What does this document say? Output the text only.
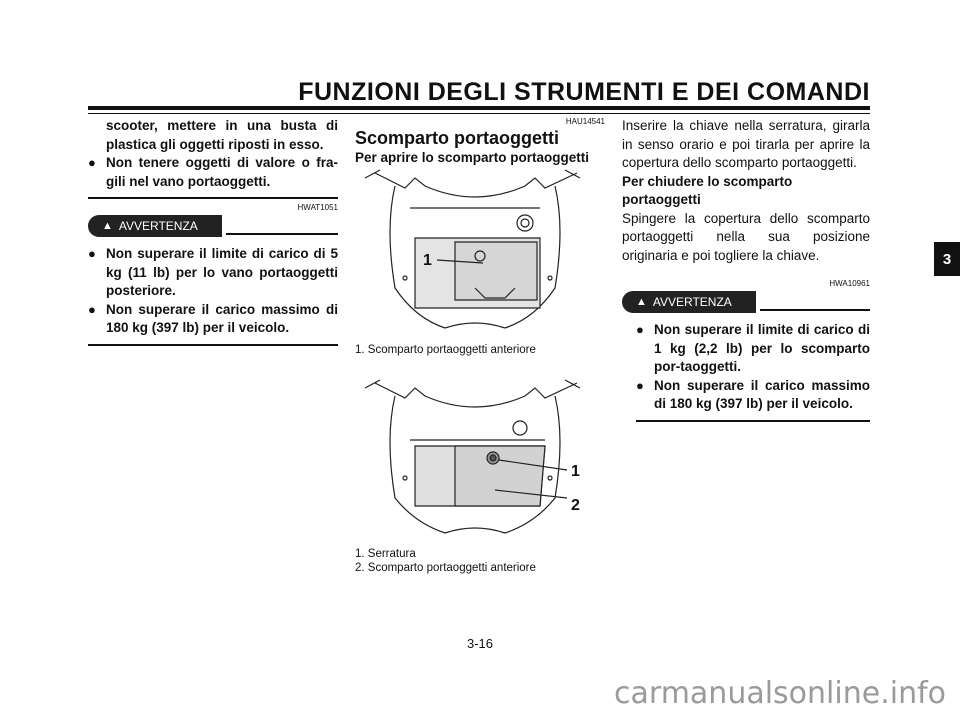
FUNZIONI DEGLI STRUMENTI E DEI COMANDI
3
scooter, mettere in una busta di plastica gli oggetti riposti in esso.
● Non tenere oggetti di valore o fra-gili nel vano portaoggetti.
HWAT1051
▲ AVVERTENZA
● Non superare il limite di carico di 5 kg (11 lb) per lo vano portaoggetti posteriore.
● Non superare il carico massimo di 180 kg (397 lb) per il veicolo.
HAU14541
Scomparto portaoggetti
Per aprire lo scomparto portaoggetti
1
1. Scomparto portaoggetti anteriore
1
2
1. Serratura
2. Scomparto portaoggetti anteriore
Inserire la chiave nella serratura, girarla in senso orario e poi tirarla per aprire la copertura dello scomparto portaoggetti.
Per chiudere lo scomparto portaoggetti
Spingere la copertura dello scomparto portaoggetti nella sua posizione originaria e poi togliere la chiave.
HWA10961
▲ AVVERTENZA
● Non superare il limite di carico di 1 kg (2,2 lb) per lo scomparto por-taoggetti.
● Non superare il carico massimo di 180 kg (397 lb) per il veicolo.
3-16
carmanualsonline.info
